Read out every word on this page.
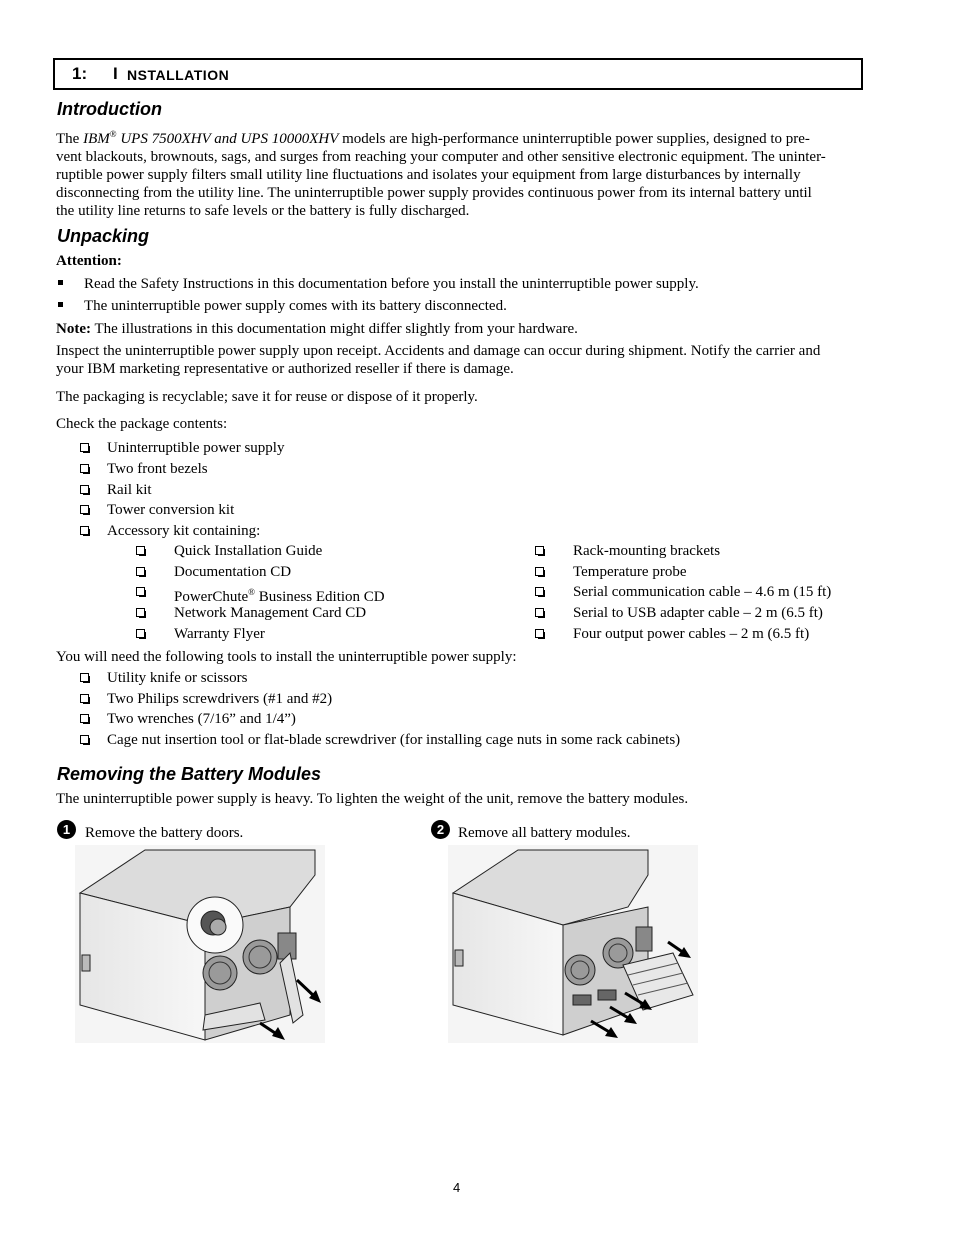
1: I NSTALLATION
Introduction
The IBM® UPS 7500XHV and UPS 10000XHV models are high-performance uninterruptible power supplies, designed to pre-
vent blackouts, brownouts, sags, and surges from reaching your computer and other sensitive electronic equipment. The uninter-
ruptible power supply filters small utility line fluctuations and isolates your equipment from large disturbances by internally
disconnecting from the utility line. The uninterruptible power supply provides continuous power from its internal battery until
the utility line returns to safe levels or the battery is fully discharged.
Unpacking
Attention:
Read the Safety Instructions in this documentation before you install the uninterruptible power supply.
The uninterruptible power supply comes with its battery disconnected.
Note: The illustrations in this documentation might differ slightly from your hardware.
Inspect the uninterruptible power supply upon receipt. Accidents and damage can occur during shipment. Notify the carrier and
your IBM marketing representative or authorized reseller if there is damage.
The packaging is recyclable; save it for reuse or dispose of it properly.
Check the package contents:
Uninterruptible power supply
Two front bezels
Rail kit
Tower conversion kit
Accessory kit containing:
Quick Installation Guide
Documentation CD
PowerChute® Business Edition CD
Network Management Card CD
Warranty Flyer
Rack-mounting brackets
Temperature probe
Serial communication cable – 4.6 m (15 ft)
Serial to USB adapter cable – 2 m (6.5 ft)
Four output power cables – 2 m (6.5 ft)
You will need the following tools to install the uninterruptible power supply:
Utility knife or scissors
Two Philips screwdrivers (#1 and #2)
Two wrenches (7/16” and 1/4”)
Cage nut insertion tool or flat-blade screwdriver (for installing cage nuts in some rack cabinets)
Removing the Battery Modules
The uninterruptible power supply is heavy. To lighten the weight of the unit, remove the battery modules.
1 Remove the battery doors.	2 Remove all battery modules.
4
